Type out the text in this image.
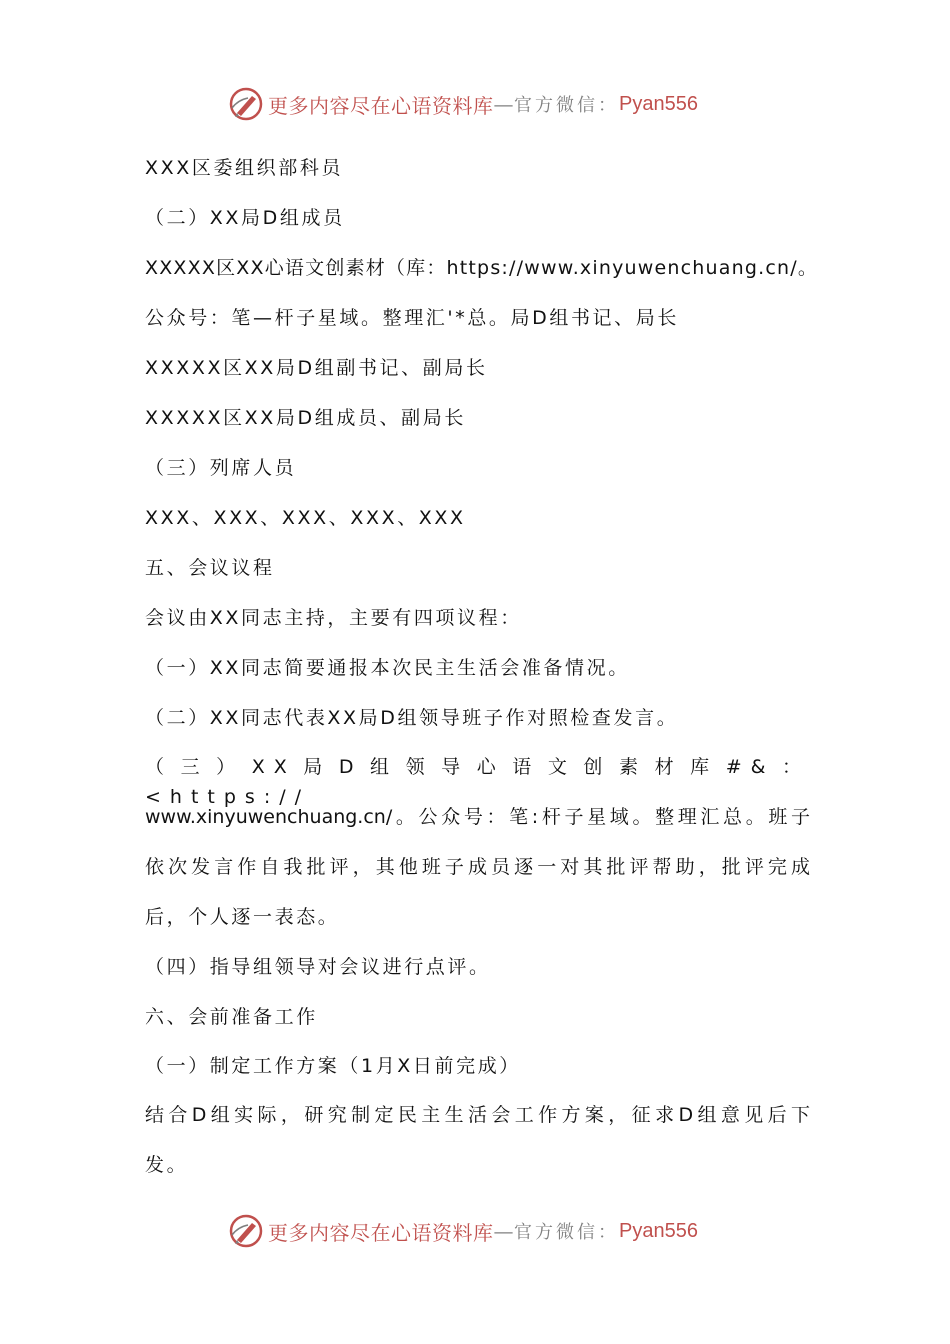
更多内容尽在心语资料库 — 官方微信： Pyan556
XXX区委组织部科员
（二）XX局D组成员
XXXXX区XX心语文创素材（库：https://www.xinyuwenchuang.cn/。
公众号：笔—杆子星域。整理汇'*总。局D组书记、局长
XXXXX区XX局D组副书记、副局长
XXXXX区XX局D组成员、副局长
（三）列席人员
XXX、XXX、XXX、XXX、XXX
五、会议议程
会议由XX同志主持，主要有四项议程：
（一）XX同志简要通报本次民主生活会准备情况。
（二）XX同志代表XX局D组领导班子作对照检查发言。
（三）XX局D组领导心语文创素材库#&：<https://
www.xinyuwenchuang.cn/。公众号：笔:杆子星域。整理汇总。班子
依次发言作自我批评，其他班子成员逐一对其批评帮助，批评完成
后，个人逐一表态。
（四）指导组领导对会议进行点评。
六、会前准备工作
（一）制定工作方案（1月X日前完成）
结合D组实际，研究制定民主生活会工作方案，征求D组意见后下
发。
更多内容尽在心语资料库 — 官方微信： Pyan556
